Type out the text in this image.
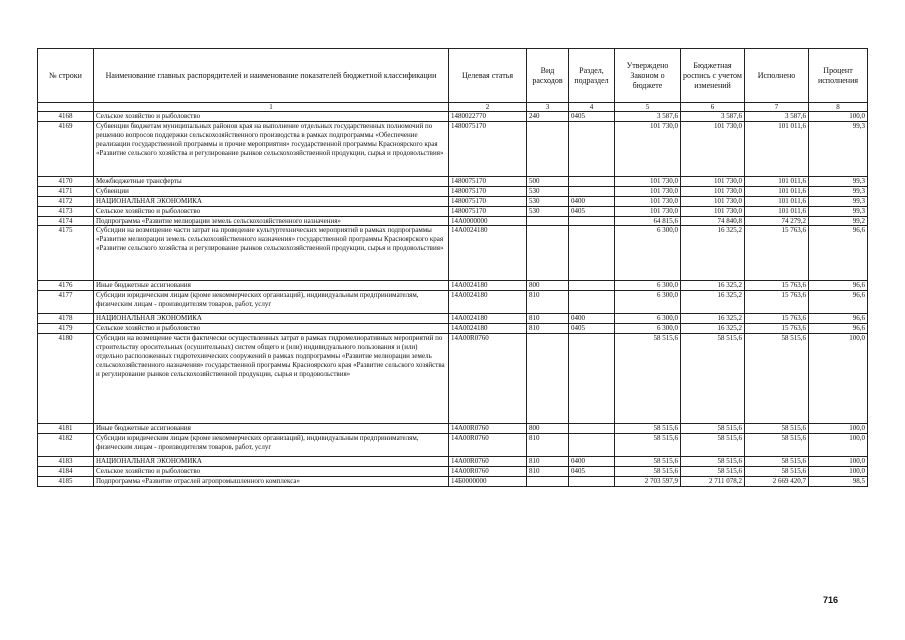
№ строки	Наименование главных распорядителей и наименование показателей бюджетной классификации	Целевая статья	Вид расходов	Раздел, подраздел	Утверждено Законом о бюджете	Бюджетная роспись с учетом изменений	Исполнено	Процент исполнения
	1	2	3	4	5	6	7	8
4168	Сельское хозяйство и рыболовство	1480022770	240	0405	3 587,6	3 587,6	3 587,6	100,0
4169	Субвенции бюджетам муниципальных районов края на выполнение отдельных государственных полномочий по решению вопросов поддержки сельскохозяйственного производства в рамках подпрограммы «Обеспечение реализации государственной программы и прочие мероприятия» государственной программы Красноярского края «Развитие сельского хозяйства и регулирование рынков сельскохозяйственной продукции, сырья и продовольствия»	1480075170			101 730,0	101 730,0	101 011,6	99,3
4170	Межбюджетные трансферты	1480075170	500		101 730,0	101 730,0	101 011,6	99,3
4171	Субвенции	1480075170	530		101 730,0	101 730,0	101 011,6	99,3
4172	НАЦИОНАЛЬНАЯ ЭКОНОМИКА	1480075170	530	0400	101 730,0	101 730,0	101 011,6	99,3
4173	Сельское хозяйство и рыболовство	1480075170	530	0405	101 730,0	101 730,0	101 011,6	99,3
4174	Подпрограмма «Развитие мелиорации земель сельскохозяйственного назначения»	14А0000000			64 815,6	74 840,8	74 279,2	99,2
4175	Субсидии на возмещение части затрат на проведение культуртехнических мероприятий в рамках подпрограммы «Развитие мелиорации земель сельскохозяйственного назначения» государственной программы Красноярского края «Развитие сельского хозяйства и регулирование рынков сельскохозяйственной продукции, сырья и продовольствия»	14А0024180			6 300,0	16 325,2	15 763,6	96,6
4176	Иные бюджетные ассигнования	14А0024180	800		6 300,0	16 325,2	15 763,6	96,6
4177	Субсидии юридическим лицам (кроме некоммерческих организаций), индивидуальным предпринимателям, физическим лицам - производителям товаров, работ, услуг	14А0024180	810		6 300,0	16 325,2	15 763,6	96,6
4178	НАЦИОНАЛЬНАЯ ЭКОНОМИКА	14А0024180	810	0400	6 300,0	16 325,2	15 763,6	96,6
4179	Сельское хозяйство и рыболовство	14А0024180	810	0405	6 300,0	16 325,2	15 763,6	96,6
4180	Субсидии на возмещение части фактически осуществленных затрат в рамках гидромелиоративных мероприятий по строительству оросительных (осушительных) систем общего и (или) индивидуального пользования и (или) отдельно расположенных гидротехнических сооружений в рамках подпрограммы «Развитие мелиорации земель сельскохозяйственного назначения» государственной программы Красноярского края «Развитие сельского хозяйства и регулирование рынков сельскохозяйственной продукции, сырья и продовольствия»	14А00R0760			58 515,6	58 515,6	58 515,6	100,0
4181	Иные бюджетные ассигнования	14А00R0760	800		58 515,6	58 515,6	58 515,6	100,0
4182	Субсидии юридическим лицам (кроме некоммерческих организаций), индивидуальным предпринимателям, физическим лицам - производителям товаров, работ, услуг	14А00R0760	810		58 515,6	58 515,6	58 515,6	100,0
4183	НАЦИОНАЛЬНАЯ ЭКОНОМИКА	14А00R0760	810	0400	58 515,6	58 515,6	58 515,6	100,0
4184	Сельское хозяйство и рыболовство	14А00R0760	810	0405	58 515,6	58 515,6	58 515,6	100,0
4185	Подпрограмма «Развитие отраслей агропромышленного комплекса»	14Б0000000			2 703 597,9	2 711 078,2	2 669 420,7	98,5
716
